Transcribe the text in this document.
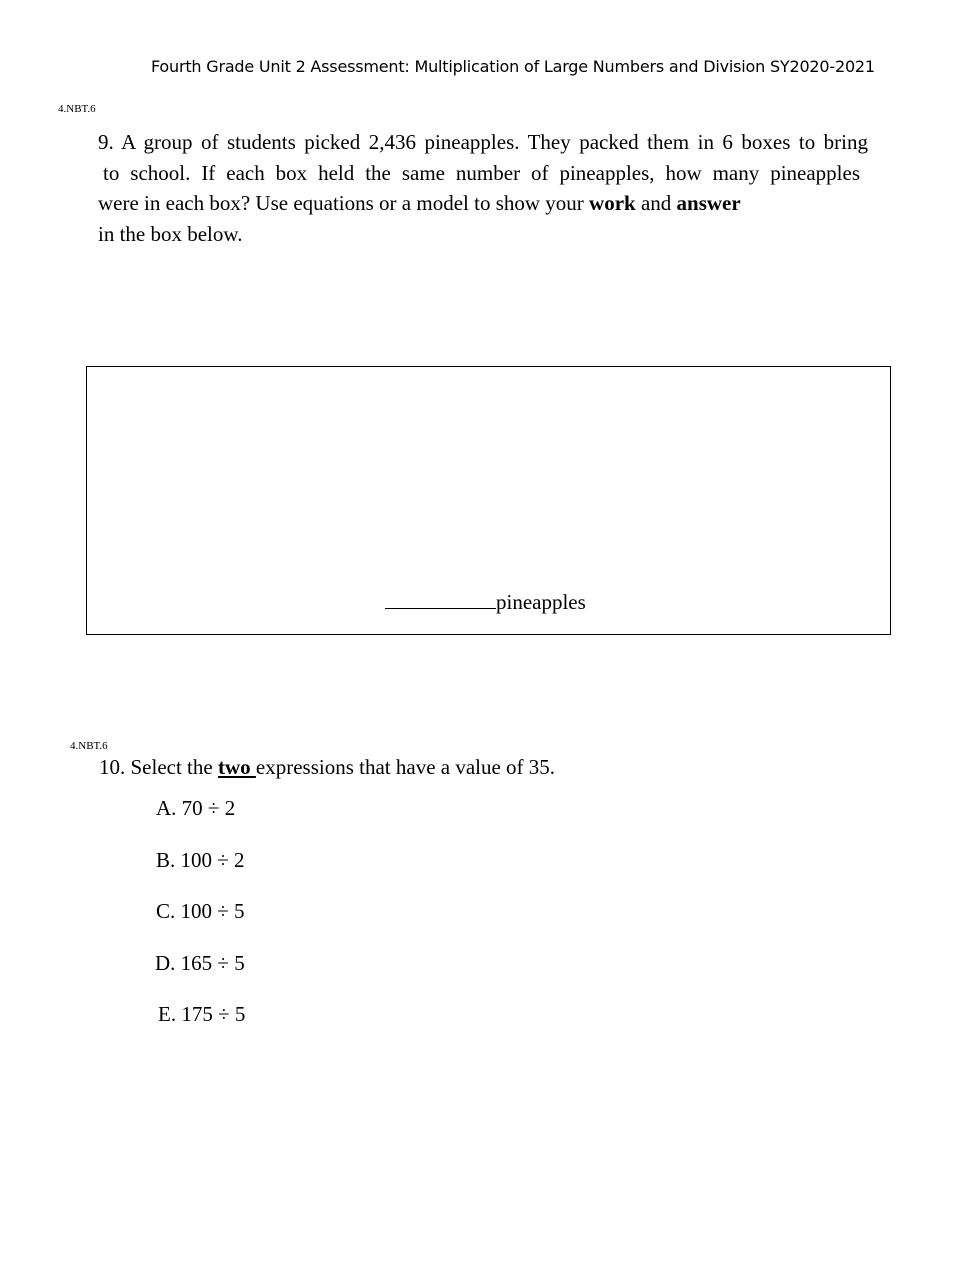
Fourth Grade Unit 2 Assessment: Multiplication of Large Numbers and Division SY2020-2021
4.NBT.6
9. A group of students picked 2,436 pineapples. They packed them in 6 boxes to bring
to school. If each box held the same number of pineapples, how many pineapples
were in each box? Use equations or a model to show your work and answer
in the box below.
pineapples
4.NBT.6
10. Select the two expressions that have a value of 35.
A. 70 ÷ 2
B. 100 ÷ 2
C. 100 ÷ 5
D. 165 ÷ 5
E. 175 ÷ 5
